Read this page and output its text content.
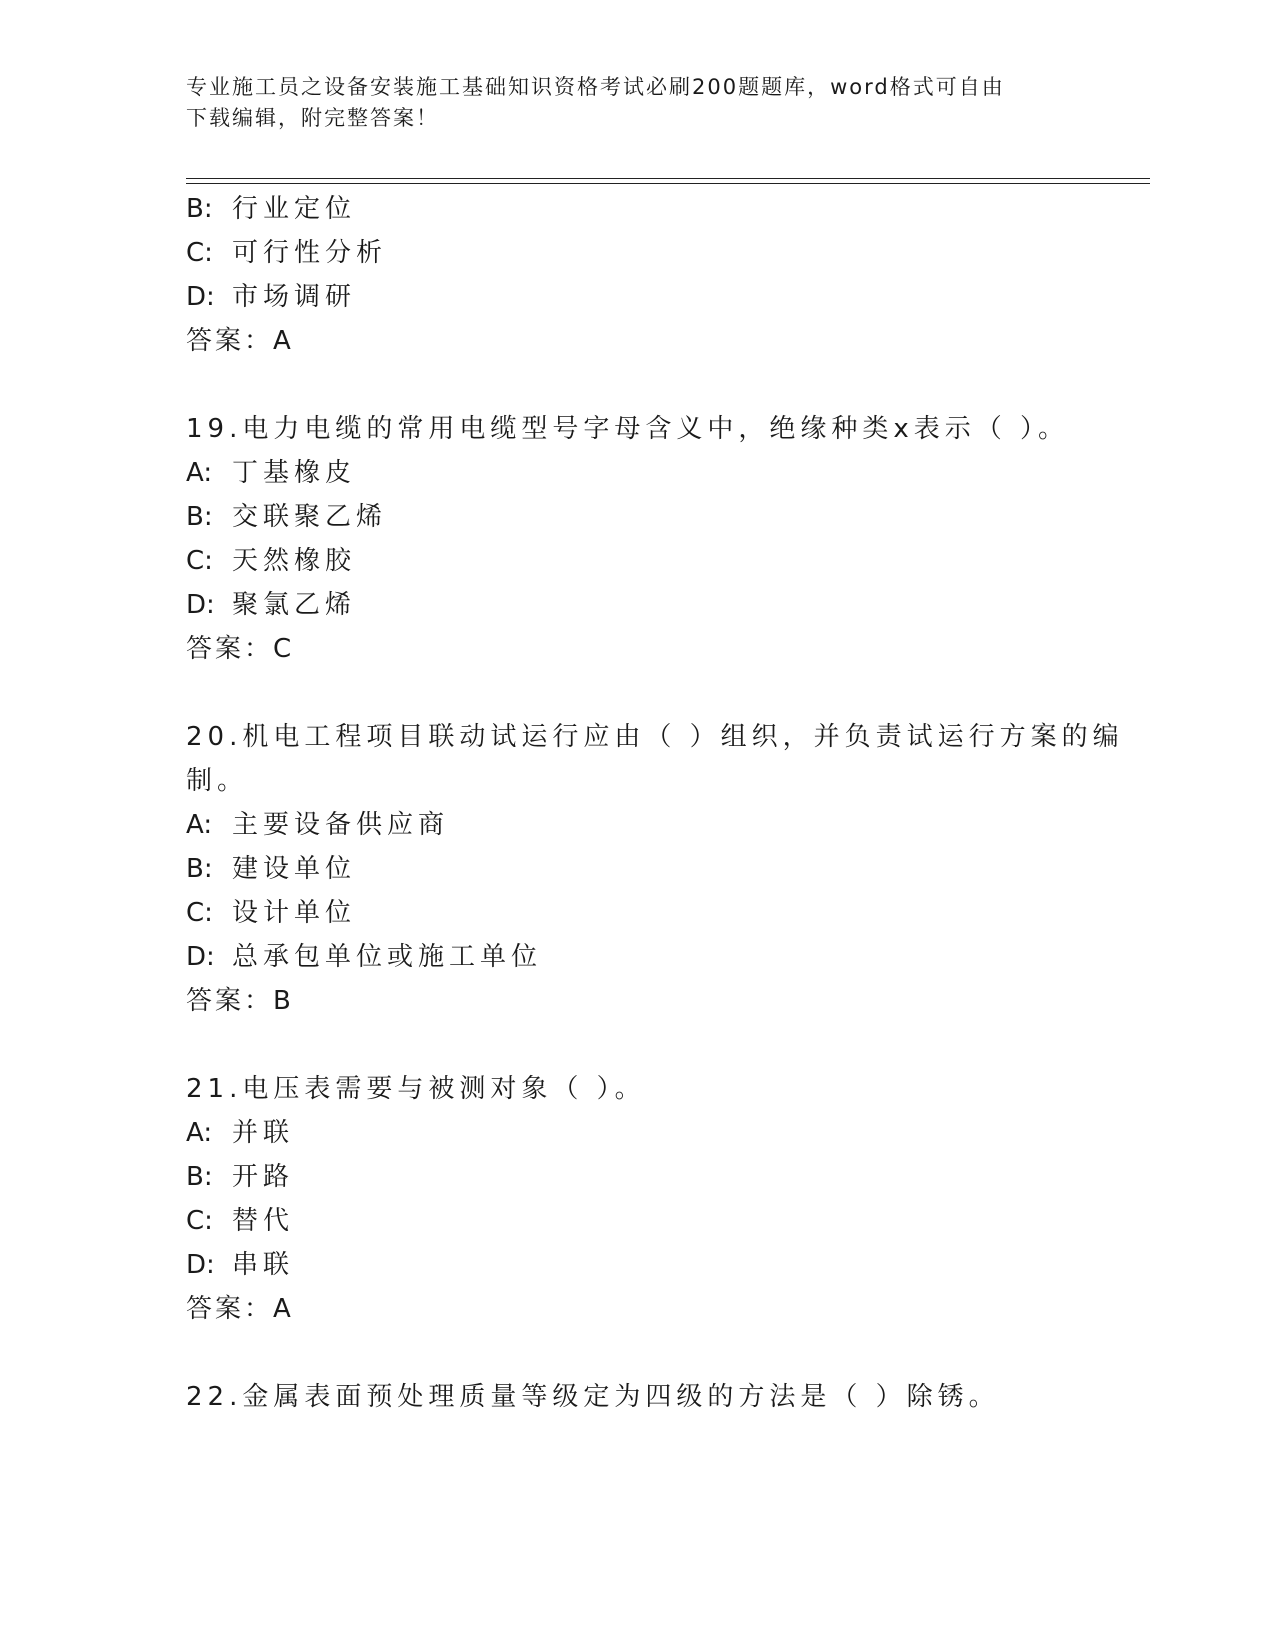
专业施工员之设备安装施工基础知识资格考试必刷200题题库，word格式可自由
下载编辑，附完整答案！
B: 行业定位
C: 可行性分析
D: 市场调研
答案：A
19.电力电缆的常用电缆型号字母含义中，绝缘种类x表示（ ）。
A: 丁基橡皮
B: 交联聚乙烯
C: 天然橡胶
D: 聚氯乙烯
答案：C
20.机电工程项目联动试运行应由（ ）组织，并负责试运行方案的编
制。
A: 主要设备供应商
B: 建设单位
C: 设计单位
D: 总承包单位或施工单位
答案：B
21.电压表需要与被测对象（ ）。
A: 并联
B: 开路
C: 替代
D: 串联
答案：A
22.金属表面预处理质量等级定为四级的方法是（ ）除锈。
